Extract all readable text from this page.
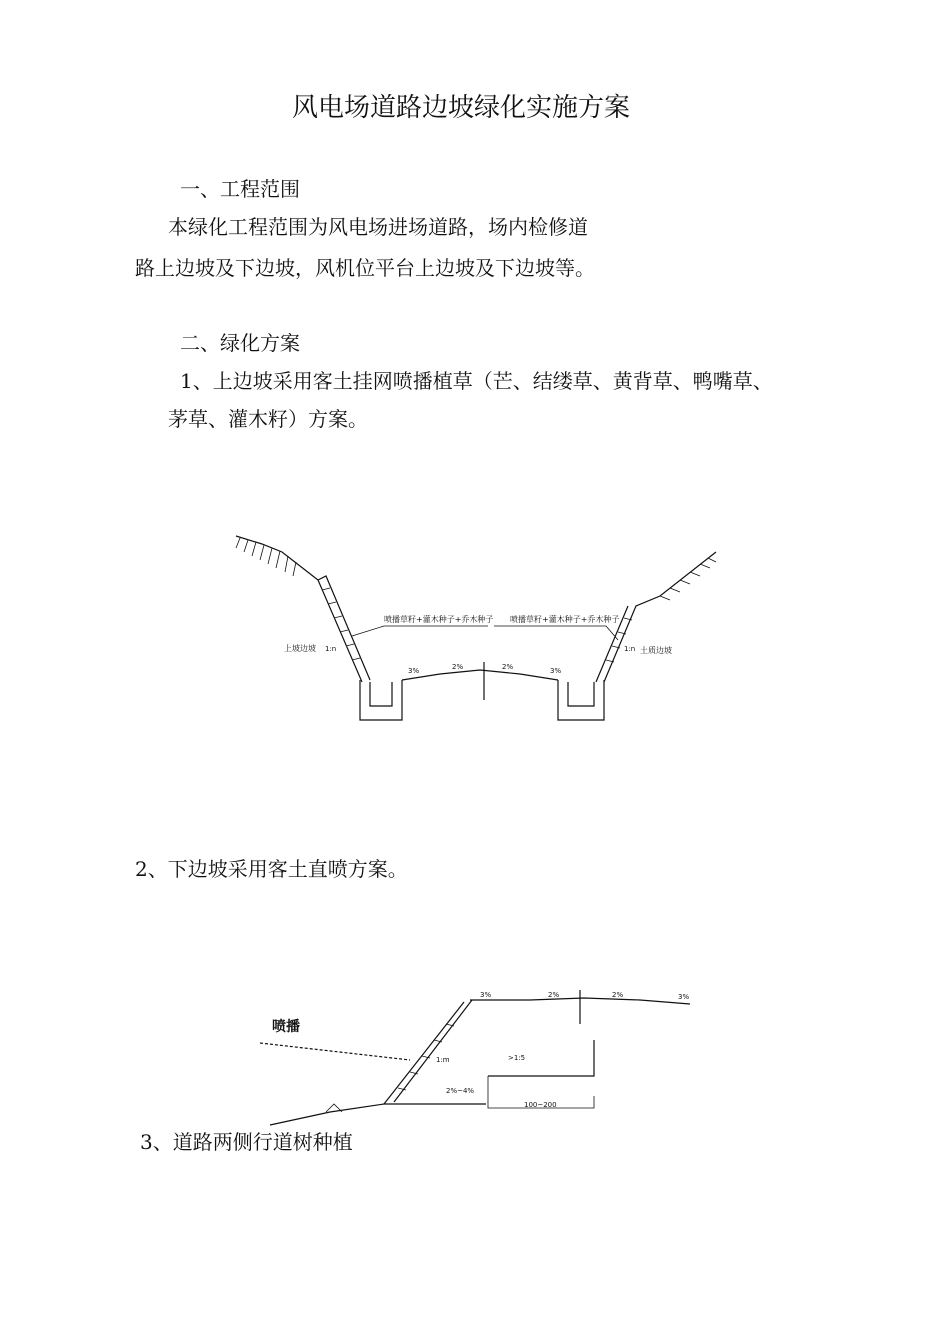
风电场道路边坡绿化实施方案
一、工程范围
本绿化工程范围为风电场进场道路，场内检修道
路上边坡及下边坡，风机位平台上边坡及下边坡等。
二、绿化方案
1、上边坡采用客土挂网喷播植草（芒、结缕草、黄背草、鸭嘴草、
茅草、灌木籽）方案。
喷播草籽+灌木种子+乔木种子 喷播草籽+灌木种子+乔木种子
上坡边坡 1:n	1:n 土质边坡
3%	2%	2%	3%
2、下边坡采用客土直喷方案。
喷播
3%	2%	2%	3%
1:m	>1:5
2%~4%
100~200
3、道路两侧行道树种植
